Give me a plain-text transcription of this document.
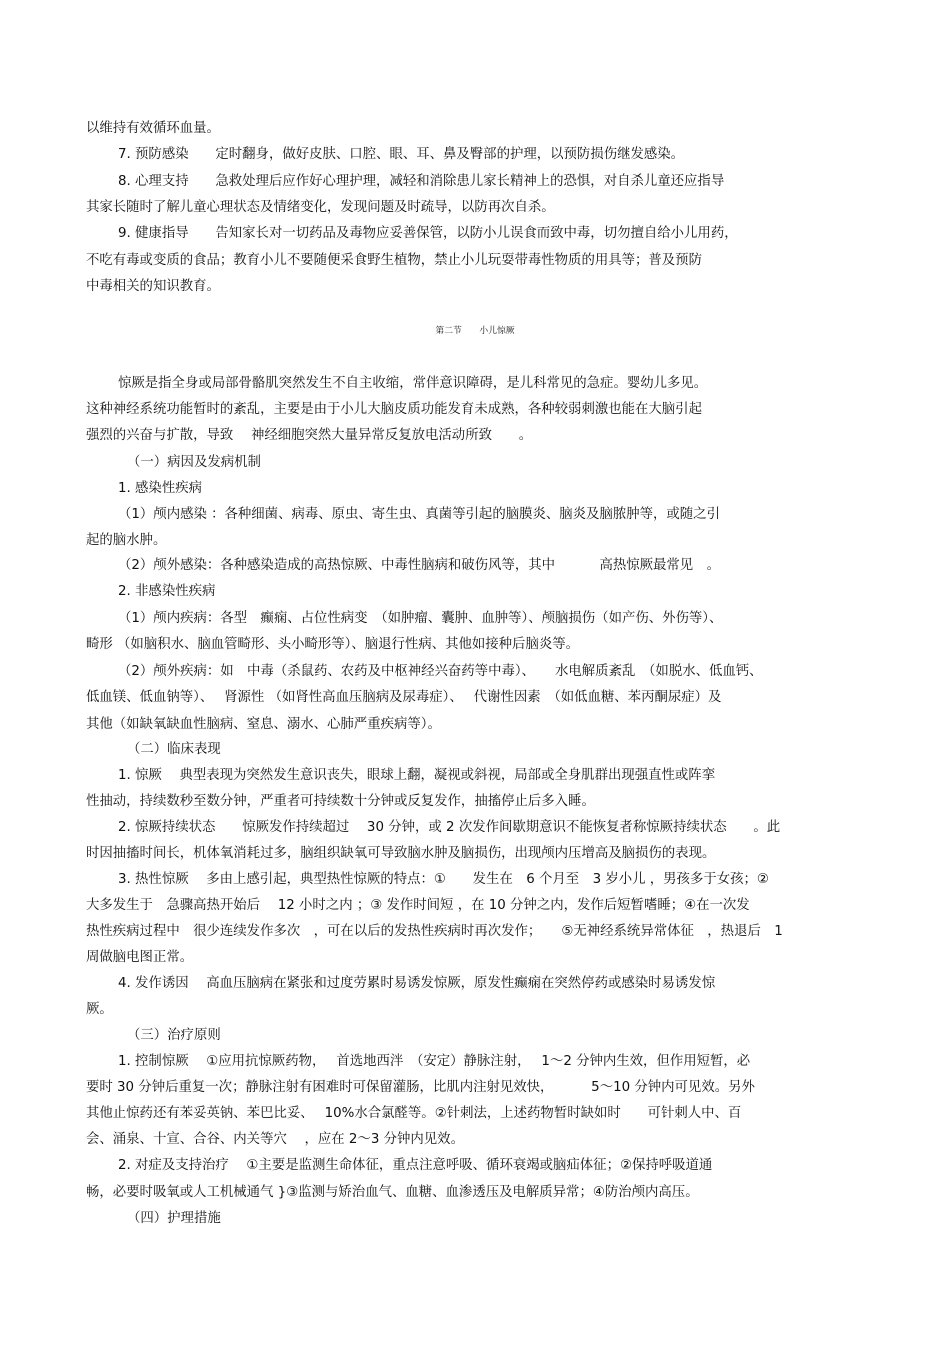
以维持有效循环血量。
7. 预防感染　　定时翻身，做好皮肤、口腔、眼、耳、鼻及臀部的护理，以预防损伤继发感染。
8. 心理支持　　急救处理后应作好心理护理，减轻和消除患儿家长精神上的恐惧，对自杀儿童还应指导
其家长随时了解儿童心理状态及情绪变化，发现问题及时疏导，以防再次自杀。
9. 健康指导　　告知家长对一切药品及毒物应妥善保管，以防小儿误食而致中毒，切勿擅自给小儿用药，
不吃有毒或变质的食品；教育小儿不要随便采食野生植物，禁止小儿玩耍带毒性物质的用具等；普及预防
中毒相关的知识教育。
第二节　　小儿惊厥
惊厥是指全身或局部骨骼肌突然发生不自主收缩，常伴意识障碍，是儿科常见的急症。婴幼儿多见。
这种神经系统功能暂时的紊乱，主要是由于小儿大脑皮质功能发育未成熟，各种较弱刺激也能在大脑引起
强烈的兴奋与扩散，导致　 神经细胞突然大量异常反复放电活动所致　　。
（一）病因及发病机制
1. 感染性疾病
（1）颅内感染 ：各种细菌、病毒、原虫、寄生虫、真菌等引起的脑膜炎、脑炎及脑脓肿等，或随之引
起的脑水肿。
（2）颅外感染：各种感染造成的高热惊厥、中毒性脑病和破伤风等，其中　　　 高热惊厥最常见　。
2. 非感染性疾病
（1）颅内疾病：各型　癫痫、占位性病变　（如肿瘤、囊肿、血肿等）、颅脑损伤（如产伤、外伤等）、
畸形 （如脑积水、脑血管畸形、头小畸形等）、脑退行性病、其他如接种后脑炎等。
（2）颅外疾病：如　中毒（杀鼠药、农药及中枢神经兴奋药等中毒）、　　水电解质紊乱　（如脱水、低血钙、
低血镁、低血钠等）、　 肾源性 （如肾性高血压脑病及尿毒症）、　 代谢性因素　（如低血糖、苯丙酮尿症）及
其他（如缺氧缺血性脑病、窒息、溺水、心肺严重疾病等）。
（二）临床表现
1. 惊厥　 典型表现为突然发生意识丧失，眼球上翻，凝视或斜视，局部或全身肌群出现强直性或阵挛
性抽动，持续数秒至数分钟，严重者可持续数十分钟或反复发作，抽搐停止后多入睡。
2. 惊厥持续状态　　惊厥发作持续超过　 30 分钟，或 2 次发作间歇期意识不能恢复者称惊厥持续状态　　。此
时因抽搐时间长，机体氧消耗过多，脑组织缺氧可导致脑水肿及脑损伤，出现颅内压增高及脑损伤的表现。
3. 热性惊厥　 多由上感引起，典型热性惊厥的特点：①　　发生在　6 个月至　3 岁小儿 ，男孩多于女孩；②
大多发生于　急骤高热开始后　 12 小时之内 ；③ 发作时间短 ，在 10 分钟之内，发作后短暂嗜睡；④在一次发
热性疾病过程中　很少连续发作多次　，可在以后的发热性疾病时再次发作；　　⑤无神经系统异常体征　，热退后　1
周做脑电图正常。
4. 发作诱因　 高血压脑病在紧张和过度劳累时易诱发惊厥，原发性癫痫在突然停药或感染时易诱发惊
厥。
（三）治疗原则
1. 控制惊厥　 ①应用抗惊厥药物，　 首选地西泮　（安定）静脉注射，　 1～2 分钟内生效，但作用短暂，必
要时 30 分钟后重复一次；静脉注射有困难时可保留灌肠，比肌内注射见效快，　　　 5～10 分钟内可见效。另外
其他止惊药还有苯妥英钠、苯巴比妥、　 10%水合氯醛等。②针刺法，上述药物暂时缺如时　　可针刺人中、百
会、涌泉、十宣、合谷、内关等穴　 ，应在 2～3 分钟内见效。
2. 对症及支持治疗　 ①主要是监测生命体征，重点注意呼吸、循环衰竭或脑疝体征；②保持呼吸道通
畅，必要时吸氧或人工机械通气 }③监测与矫治血气、血糖、血渗透压及电解质异常；④防治颅内高压。
（四）护理措施
